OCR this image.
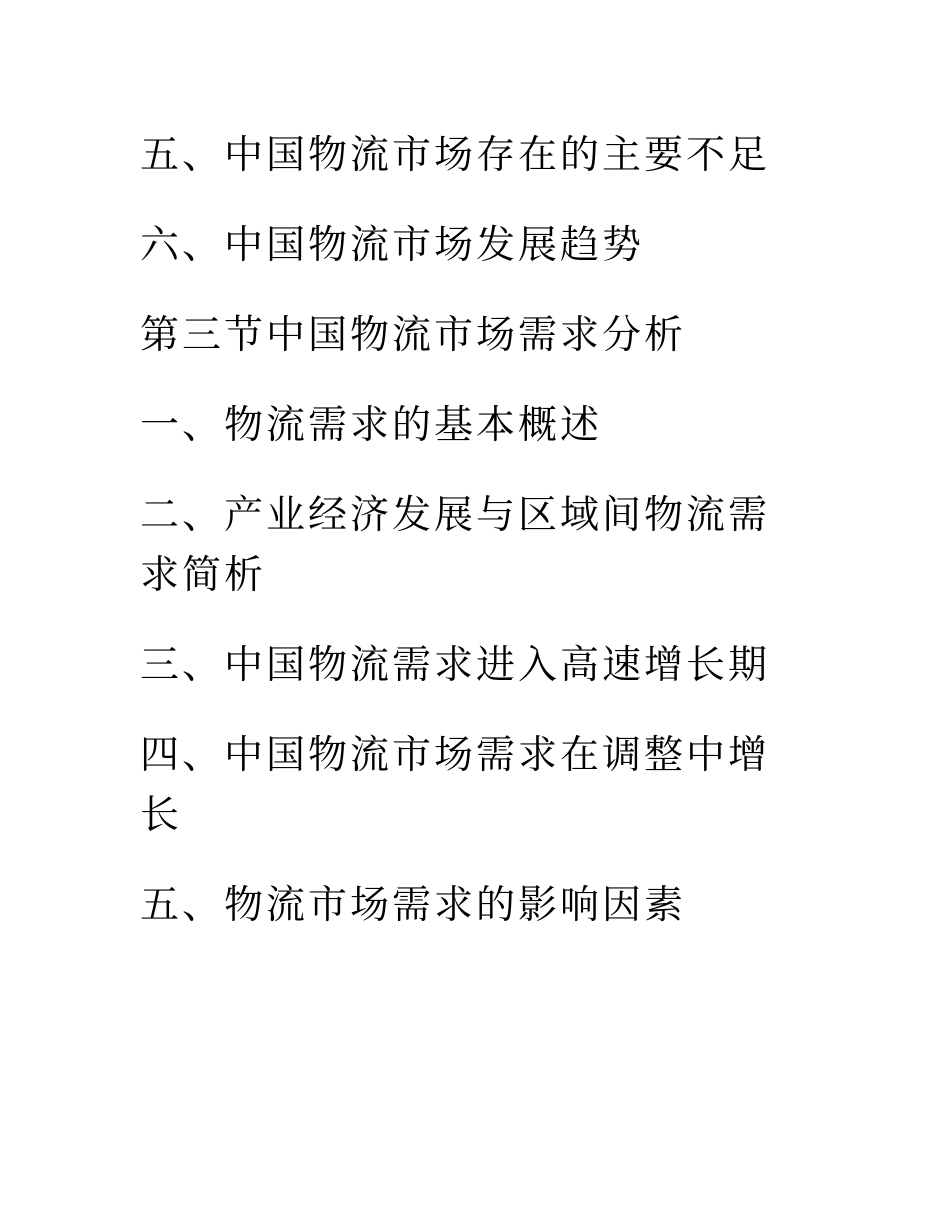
五、中国物流市场存在的主要不足
六、中国物流市场发展趋势
第三节中国物流市场需求分析
一、物流需求的基本概述
二、产业经济发展与区域间物流需求简析
三、中国物流需求进入高速增长期
四、中国物流市场需求在调整中增长
五、物流市场需求的影响因素
